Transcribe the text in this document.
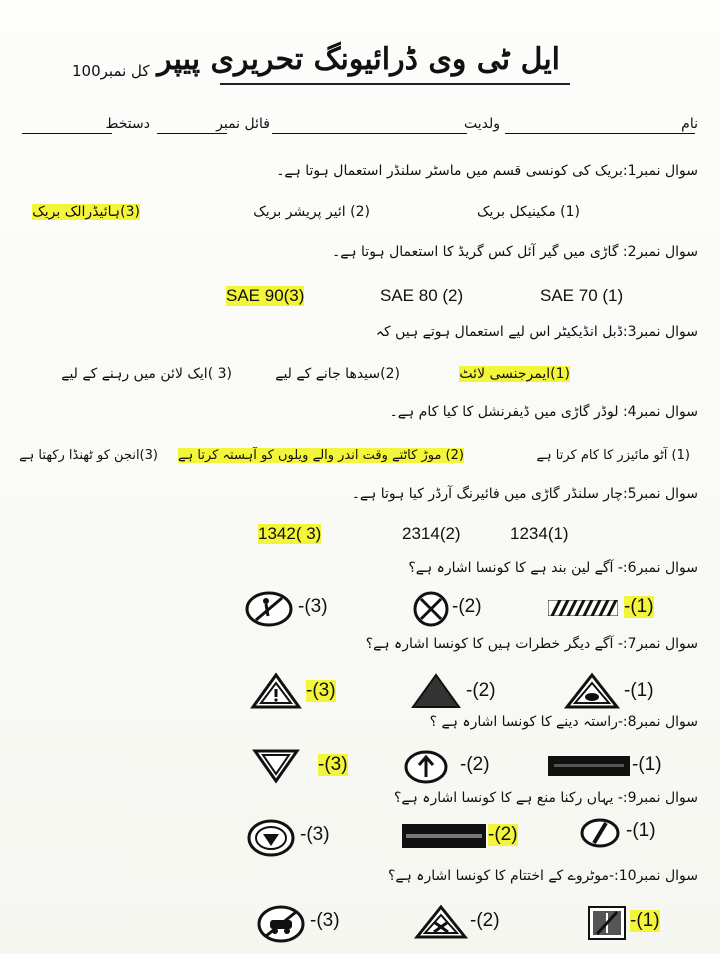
ایل ٹی وی ڈرائیونگ تحریری پیپر
کل نمبر100
نام
ولدیت
فائل نمبر
دستخط
سوال نمبر1:بریک کی کونسی قسم میں ماسٹر سلنڈر استعمال ہوتا ہے۔
(1) مکینیکل بریک
(2) ائیر پریشر بریک
(3)ہائیڈرالک بریک
سوال نمبر2: گاڑی میں گیر آئل کس گریڈ کا استعمال ہوتا ہے۔
SAE 70 (1)
SAE 80 (2)
SAE 90(3)
سوال نمبر3:ڈبل انڈیکیٹر اس لیے استعمال ہوتے ہیں کہ
(1)ایمرجنسی لائٹ
(2)سیدھا جانے کے لیے
(3 )ایک لائن میں رہنے کے لیے
سوال نمبر4: لوڈر گاڑی میں ڈیفرنشل کا کیا کام ہے۔
(1) آٹو مائیزر کا کام کرتا ہے
(2) موڑ کاٹتے وقت اندر والے ویلوں کو آہستہ کرتا ہے
(3)انجن کو ٹھنڈا رکھتا ہے
سوال نمبر5:چار سلنڈر گاڑی میں فائیرنگ آرڈر کیا ہوتا ہے۔
1234(1)
2314(2)
1342( 3)
سوال نمبر6:- آگے لین بند ہے کا کونسا اشارہ ہے؟
-(1)
-(2)
-(3)
سوال نمبر7:- آگے دیگر خطرات ہیں کا کونسا اشارہ ہے؟
-(1)
-(2)
-(3)
سوال نمبر8:-راستہ دینے کا کونسا اشارہ ہے ؟
-(1)
-(2)
-(3)
سوال نمبر9:- یہاں رکنا منع ہے کا کونسا اشارہ ہے؟
-(1)
-(2)
-(3)
سوال نمبر10:-موٹروے کے اختتام کا کونسا اشارہ ہے؟
-(1)
-(2)
-(3)
